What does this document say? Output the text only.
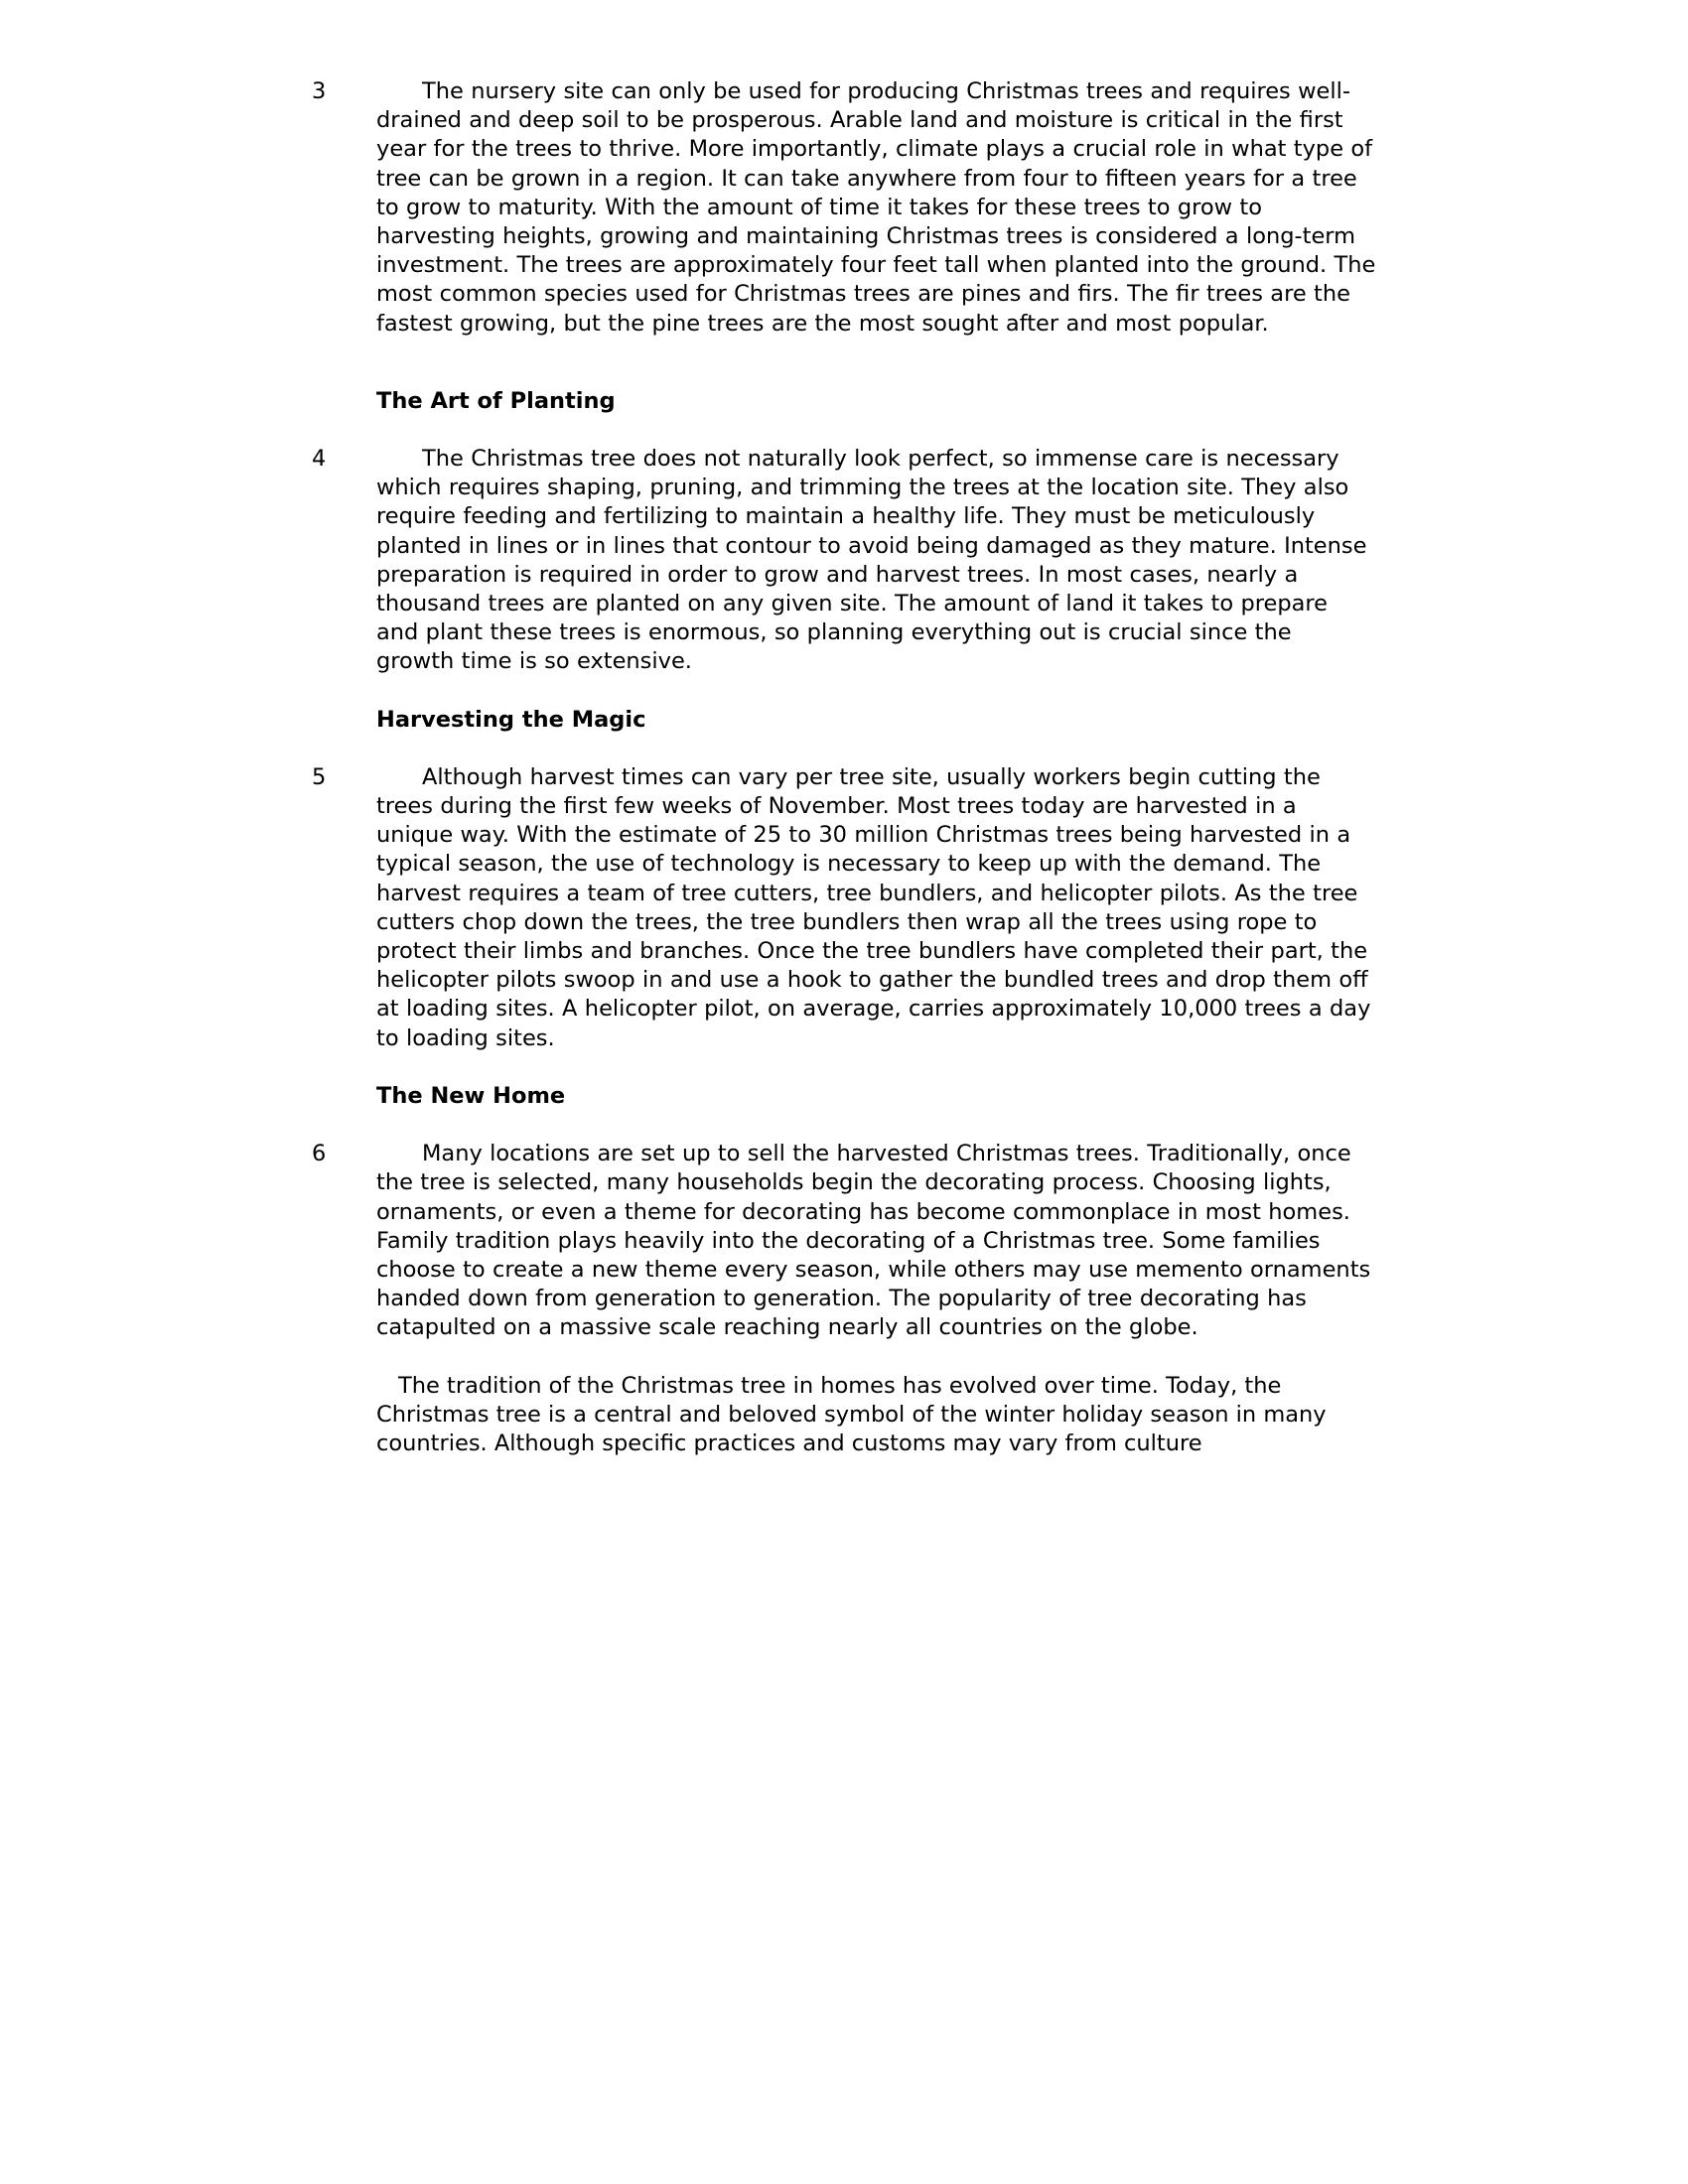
3	The nursery site can only be used for producing Christmas trees and requires well-drained and deep soil to be prosperous. Arable land and moisture is critical in the first year for the trees to thrive. More importantly, climate plays a crucial role in what type of tree can be grown in a region. It can take anywhere from four to fifteen years for a tree to grow to maturity. With the amount of time it takes for these trees to grow to harvesting heights, growing and maintaining Christmas trees is considered a long-term investment. The trees are approximately four feet tall when planted into the ground. The most common species used for Christmas trees are pines and firs. The fir trees are the fastest growing, but the pine trees are the most sought after and most popular.
The Art of Planting
4	The Christmas tree does not naturally look perfect, so immense care is necessary which requires shaping, pruning, and trimming the trees at the location site. They also require feeding and fertilizing to maintain a healthy life. They must be meticulously planted in lines or in lines that contour to avoid being damaged as they mature. Intense preparation is required in order to grow and harvest trees. In most cases, nearly a thousand trees are planted on any given site. The amount of land it takes to prepare and plant these trees is enormous, so planning everything out is crucial since the growth time is so extensive.
Harvesting the Magic
5	Although harvest times can vary per tree site, usually workers begin cutting the trees during the first few weeks of November. Most trees today are harvested in a unique way. With the estimate of 25 to 30 million Christmas trees being harvested in a typical season, the use of technology is necessary to keep up with the demand. The harvest requires a team of tree cutters, tree bundlers, and helicopter pilots. As the tree cutters chop down the trees, the tree bundlers then wrap all the trees using rope to protect their limbs and branches. Once the tree bundlers have completed their part, the helicopter pilots swoop in and use a hook to gather the bundled trees and drop them off at loading sites. A helicopter pilot, on average, carries approximately 10,000 trees a day to loading sites.
The New Home
6	Many locations are set up to sell the harvested Christmas trees. Traditionally, once the tree is selected, many households begin the decorating process. Choosing lights, ornaments, or even a theme for decorating has become commonplace in most homes. Family tradition plays heavily into the decorating of a Christmas tree. Some families choose to create a new theme every season, while others may use memento ornaments handed down from generation to generation. The popularity of tree decorating has catapulted on a massive scale reaching nearly all countries on the globe.
The tradition of the Christmas tree in homes has evolved over time. Today, the Christmas tree is a central and beloved symbol of the winter holiday season in many countries. Although specific practices and customs may vary from culture
